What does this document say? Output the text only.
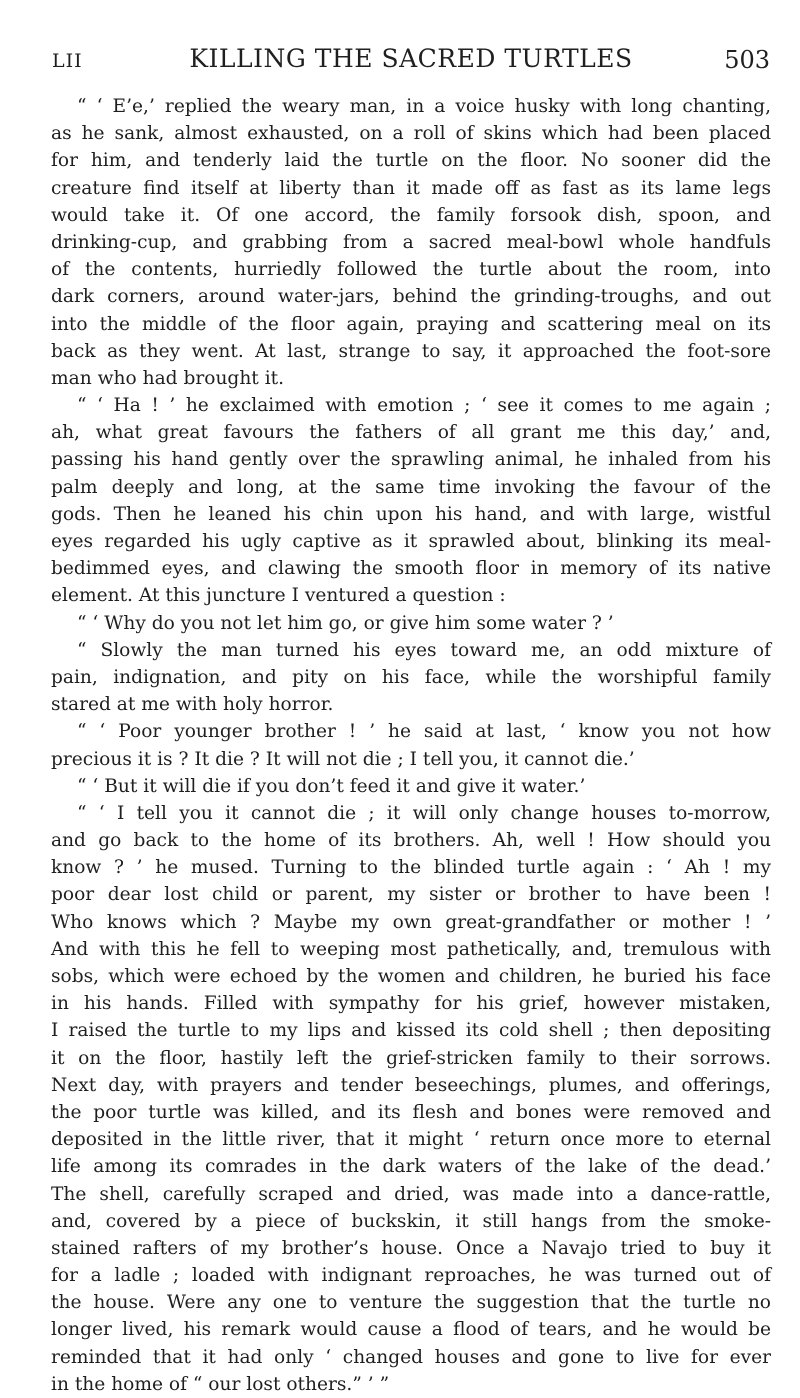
LII	KILLING THE SACRED TURTLES	503
“ ‘ E’e,’ replied the weary man, in a voice husky with long chanting,
as he sank, almost exhausted, on a roll of skins which had been placed
for him, and tenderly laid the turtle on the floor. No sooner did the
creature find itself at liberty than it made off as fast as its lame legs
would take it. Of one accord, the family forsook dish, spoon, and
drinking-cup, and grabbing from a sacred meal-bowl whole handfuls
of the contents, hurriedly followed the turtle about the room, into
dark corners, around water-jars, behind the grinding-troughs, and out
into the middle of the floor again, praying and scattering meal on its
back as they went. At last, strange to say, it approached the foot-sore
man who had brought it.
“ ‘ Ha ! ’ he exclaimed with emotion ; ‘ see it comes to me again ;
ah, what great favours the fathers of all grant me this day,’ and,
passing his hand gently over the sprawling animal, he inhaled from his
palm deeply and long, at the same time invoking the favour of the
gods. Then he leaned his chin upon his hand, and with large, wistful
eyes regarded his ugly captive as it sprawled about, blinking its meal-
bedimmed eyes, and clawing the smooth floor in memory of its native
element. At this juncture I ventured a question :
“ ‘ Why do you not let him go, or give him some water ? ’
“ Slowly the man turned his eyes toward me, an odd mixture of
pain, indignation, and pity on his face, while the worshipful family
stared at me with holy horror.
“ ‘ Poor younger brother ! ’ he said at last, ‘ know you not how
precious it is ? It die ? It will not die ; I tell you, it cannot die.’
“ ‘ But it will die if you don’t feed it and give it water.’
“ ‘ I tell you it cannot die ; it will only change houses to-morrow,
and go back to the home of its brothers. Ah, well ! How should you
know ? ’ he mused. Turning to the blinded turtle again : ‘ Ah ! my
poor dear lost child or parent, my sister or brother to have been !
Who knows which ? Maybe my own great-grandfather or mother ! ’
And with this he fell to weeping most pathetically, and, tremulous with
sobs, which were echoed by the women and children, he buried his face
in his hands. Filled with sympathy for his grief, however mistaken,
I raised the turtle to my lips and kissed its cold shell ; then depositing
it on the floor, hastily left the grief-stricken family to their sorrows.
Next day, with prayers and tender beseechings, plumes, and offerings,
the poor turtle was killed, and its flesh and bones were removed and
deposited in the little river, that it might ‘ return once more to eternal
life among its comrades in the dark waters of the lake of the dead.’
The shell, carefully scraped and dried, was made into a dance-rattle,
and, covered by a piece of buckskin, it still hangs from the smoke-
stained rafters of my brother’s house. Once a Navajo tried to buy it
for a ladle ; loaded with indignant reproaches, he was turned out of
the house. Were any one to venture the suggestion that the turtle no
longer lived, his remark would cause a flood of tears, and he would be
reminded that it had only ‘ changed houses and gone to live for ever
in the home of “ our lost others.” ’ ”
